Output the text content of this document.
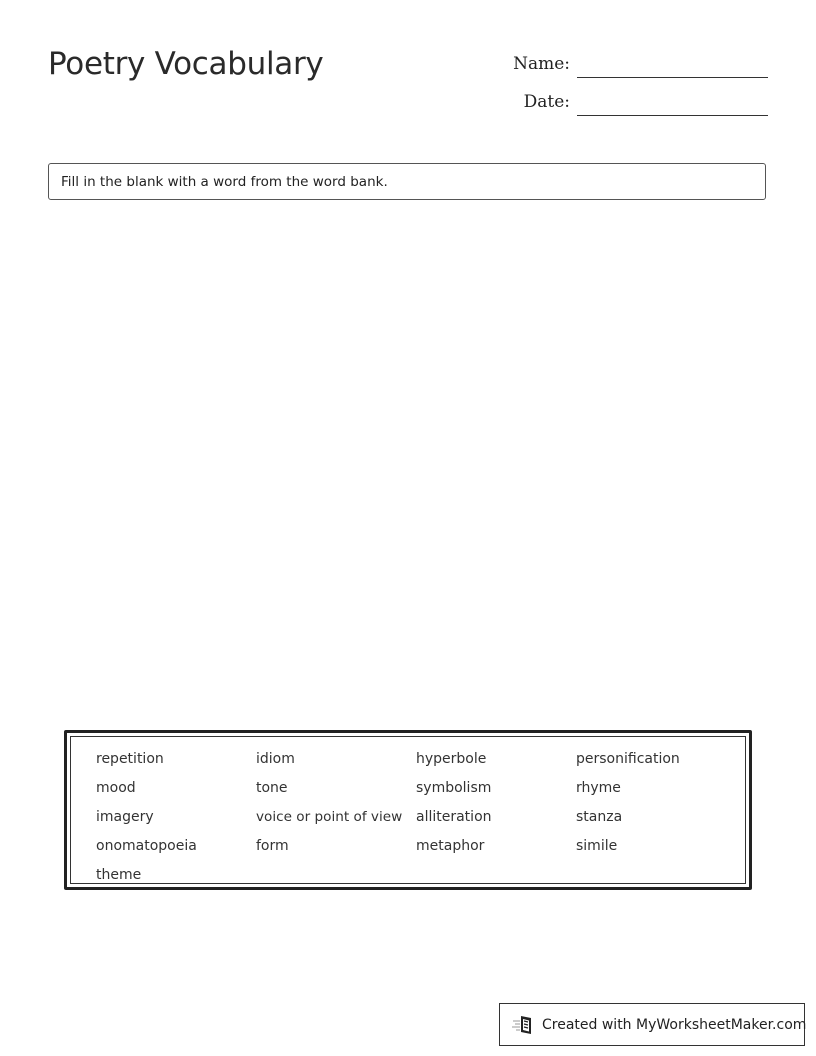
Poetry Vocabulary	Name:
Date:
Fill in the blank with a word from the word bank.
repetition
mood
imagery
onomatopoeia
theme
idiom
tone
voice or point of view
form
hyperbole
symbolism
alliteration
metaphor
personification
rhyme
stanza
simile
Created with MyWorksheetMaker.com
